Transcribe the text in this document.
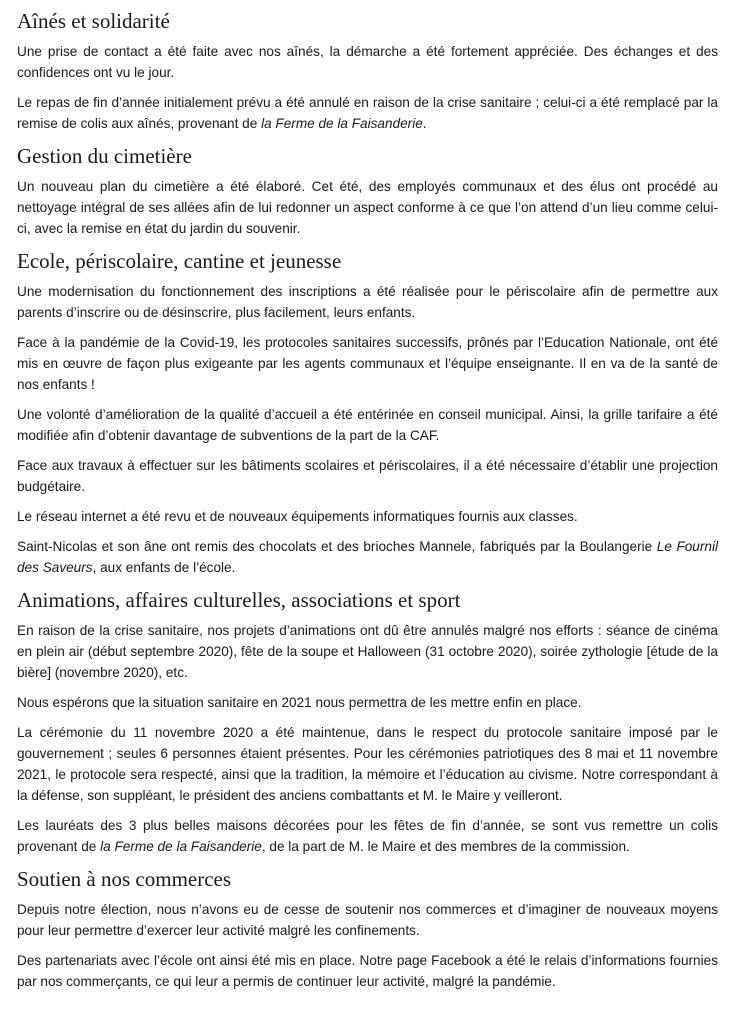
Aînés et solidarité

Une prise de contact a été faite avec nos aînés, la démarche a été fortement appréciée. Des échanges et des confidences ont vu le jour.

Le repas de fin d’année initialement prévu a été annulé en raison de la crise sanitaire ; celui-ci a été remplacé par la remise de colis aux aînés, provenant de la Ferme de la Faisanderie.

Gestion du cimetière

Un nouveau plan du cimetière a été élaboré. Cet été, des employés communaux et des élus ont procédé au nettoyage intégral de ses allées afin de lui redonner un aspect conforme à ce que l’on attend d’un lieu comme celui-ci, avec la remise en état du jardin du souvenir.

Ecole, périscolaire, cantine et jeunesse

Une modernisation du fonctionnement des inscriptions a été réalisée pour le périscolaire afin de permettre aux parents d’inscrire ou de désinscrire, plus facilement, leurs enfants.

Face à la pandémie de la Covid-19, les protocoles sanitaires successifs, prônés par l’Education Nationale, ont été mis en œuvre de façon plus exigeante par les agents communaux et l’équipe enseignante. Il en va de la santé de nos enfants !

Une volonté d’amélioration de la qualité d’accueil a été entérinée en conseil municipal. Ainsi, la grille tarifaire a été modifiée afin d’obtenir davantage de subventions de la part de la CAF.

Face aux travaux à effectuer sur les bâtiments scolaires et périscolaires, il a été nécessaire d’établir une projection budgétaire.

Le réseau internet a été revu et de nouveaux équipements informatiques fournis aux classes.

Saint-Nicolas et son âne ont remis des chocolats et des brioches Mannele, fabriqués par la Boulangerie Le Fournil des Saveurs, aux enfants de l’école.

Animations, affaires culturelles, associations et sport

En raison de la crise sanitaire, nos projets d’animations ont dû être annulés malgré nos efforts : séance de cinéma en plein air (début septembre 2020), fête de la soupe et Halloween (31 octobre 2020), soirée zythologie [étude de la bière] (novembre 2020), etc.

Nous espérons que la situation sanitaire en 2021 nous permettra de les mettre enfin en place.

La cérémonie du 11 novembre 2020 a été maintenue, dans le respect du protocole sanitaire imposé par le gouvernement ; seules 6 personnes étaient présentes. Pour les cérémonies patriotiques des 8 mai et 11 novembre 2021, le protocole sera respecté, ainsi que la tradition, la mémoire et l’éducation au civisme. Notre correspondant à la défense, son suppléant, le président des anciens combattants et M. le Maire y veilleront.

Les lauréats des 3 plus belles maisons décorées pour les fêtes de fin d’année, se sont vus remettre un colis provenant de la Ferme de la Faisanderie, de la part de M. le Maire et des membres de la commission.

Soutien à nos commerces

Depuis notre élection, nous n’avons eu de cesse de soutenir nos commerces et d’imaginer de nouveaux moyens pour leur permettre d’exercer leur activité malgré les confinements.

Des partenariats avec l’école ont ainsi été mis en place. Notre page Facebook a été le relais d’informations fournies par nos commerçants, ce qui leur a permis de continuer leur activité, malgré la pandémie.
